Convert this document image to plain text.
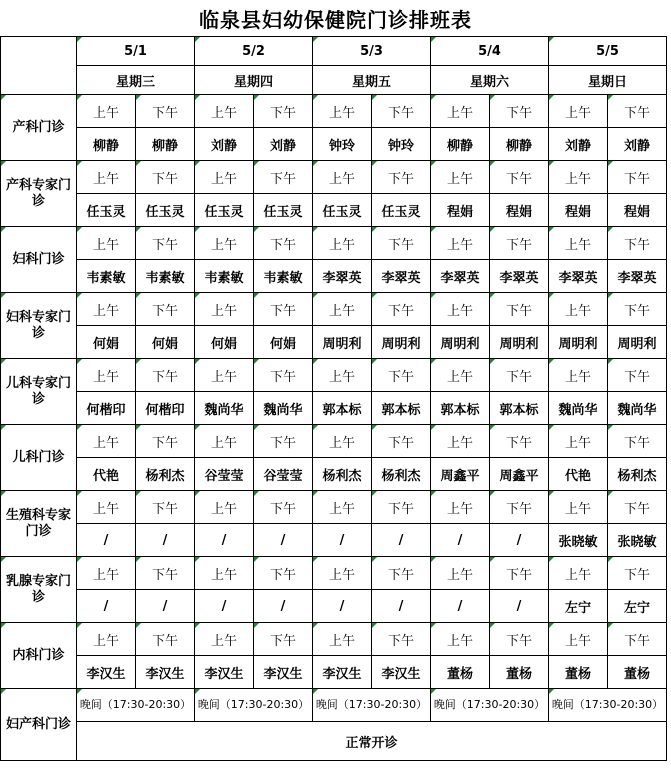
临泉县妇幼保健院门诊排班表
	5/1		5/2		5/3		5/4		5/5	
	星期三		星期四		星期五		星期六		星期日	
产科门诊	上午	下午	上午	下午	上午	下午	上午	下午	上午	下午
	柳静	柳静	刘静	刘静	钟玲	钟玲	柳静	柳静	刘静	刘静
产科专家门诊	上午	下午	上午	下午	上午	下午	上午	下午	上午	下午
	任玉灵	任玉灵	任玉灵	任玉灵	任玉灵	任玉灵	程娟	程娟	程娟	程娟
妇科门诊	上午	下午	上午	下午	上午	下午	上午	下午	上午	下午
	韦素敏	韦素敏	韦素敏	韦素敏	李翠英	李翠英	李翠英	李翠英	李翠英	李翠英
妇科专家门诊	上午	下午	上午	下午	上午	下午	上午	下午	上午	下午
	何娟	何娟	何娟	何娟	周明利	周明利	周明利	周明利	周明利	周明利
儿科专家门诊	上午	下午	上午	下午	上午	下午	上午	下午	上午	下午
	何楷印	何楷印	魏尚华	魏尚华	郭本标	郭本标	郭本标	郭本标	魏尚华	魏尚华
儿科门诊	上午	下午	上午	下午	上午	下午	上午	下午	上午	下午
	代艳	杨利杰	谷莹莹	谷莹莹	杨利杰	杨利杰	周鑫平	周鑫平	代艳	杨利杰
生殖科专家门诊	上午	下午	上午	下午	上午	下午	上午	下午	上午	下午
	/	/	/	/	/	/	/	/	张晓敏	张晓敏
乳腺专家门诊	上午	下午	上午	下午	上午	下午	上午	下午	上午	下午
	/	/	/	/	/	/	/	/	左宁	左宁
内科门诊	上午	下午	上午	下午	上午	下午	上午	下午	上午	下午
	李汉生	李汉生	李汉生	李汉生	李汉生	李汉生	董杨	董杨	董杨	董杨
妇产科门诊	晚间（17:30-20:30）		晚间（17:30-20:30）		晚间（17:30-20:30）		晚间（17:30-20:30）		晚间（17:30-20:30）	
	正常开诊									
